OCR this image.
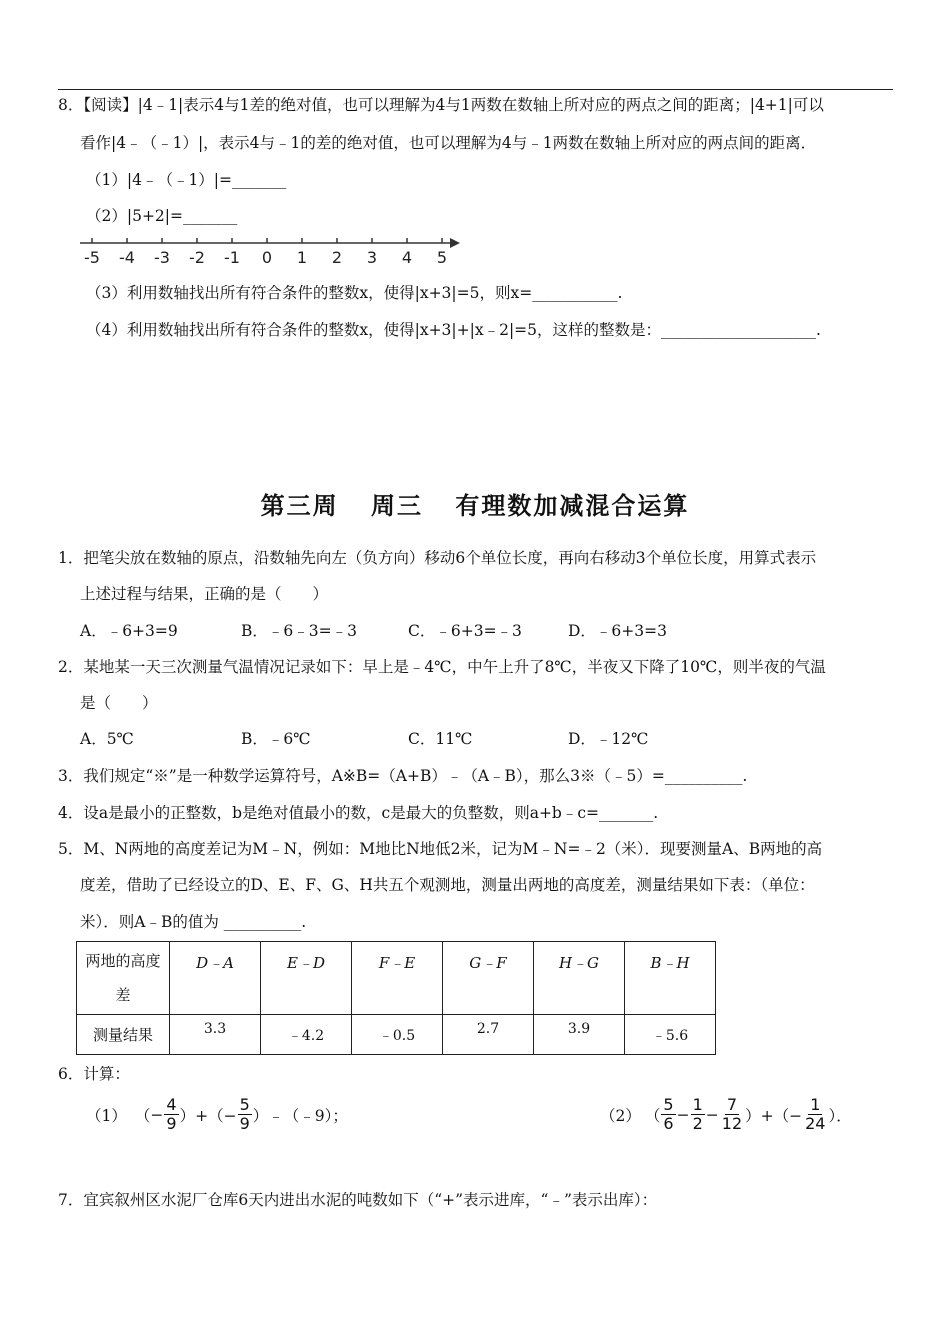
8．【阅读】|4﹣1|表示4与1差的绝对值，也可以理解为4与1两数在数轴上所对应的两点之间的距离；|4+1|可以
看作|4﹣（﹣1）|，表示4与﹣1的差的绝对值，也可以理解为4与﹣1两数在数轴上所对应的两点间的距离．
（1）|4﹣（﹣1）|=_______
（2）|5+2|=_______
-5 -4 -3 -2 -1 0 1 2 3 4 5
（3）利用数轴找出所有符合条件的整数x，使得|x+3|=5，则x=___________.
（4）利用数轴找出所有符合条件的整数x，使得|x+3|+|x﹣2|=5，这样的整数是：____________________.
第三周 周三 有理数加减混合运算
1．把笔尖放在数轴的原点，沿数轴先向左（负方向）移动6个单位长度，再向右移动3个单位长度，用算式表示
上述过程与结果，正确的是（　　）
A．﹣6+3=9	B．﹣6﹣3=﹣3	C．﹣6+3=﹣3	D．﹣6+3=3
2．某地某一天三次测量气温情况记录如下：早上是﹣4℃，中午上升了8℃，半夜又下降了10℃，则半夜的气温
是（　　）
A．5℃	B．﹣6℃	C．11℃	D．﹣12℃
3．我们规定“※”是一种数学运算符号，A※B=（A+B）﹣（A﹣B），那么3※（﹣5）=__________.
4．设a是最小的正整数，b是绝对值最小的数，c是最大的负整数，则a+b﹣c=_______.
5．M、N两地的高度差记为M﹣N，例如：M地比N地低2米，记为M﹣N=﹣2（米）．现要测量A、B两地的高
度差，借助了已经设立的D、E、F、G、H共五个观测地，测量出两地的高度差，测量结果如下表：（单位：
米）．则A﹣B的值为 __________.
两地的高度
差	D﹣A	E﹣D	F﹣E	G﹣F	H﹣G	B﹣H
测量结果	3.3	﹣4.2	﹣0.5	2.7	3.9	﹣5.6
6．计算：
（1） （ − $\frac{4}{9}$ ）+（− $\frac{5}{9}$ ）﹣（﹣9）；	（2） （ $\frac{5}{6} - \frac{1}{2} - \frac{7}{12}$ ）+（− $\frac{1}{24}$ ）．
7．宜宾叙州区水泥厂仓库6天内进出水泥的吨数如下（“+”表示进库，“﹣”表示出库）：
